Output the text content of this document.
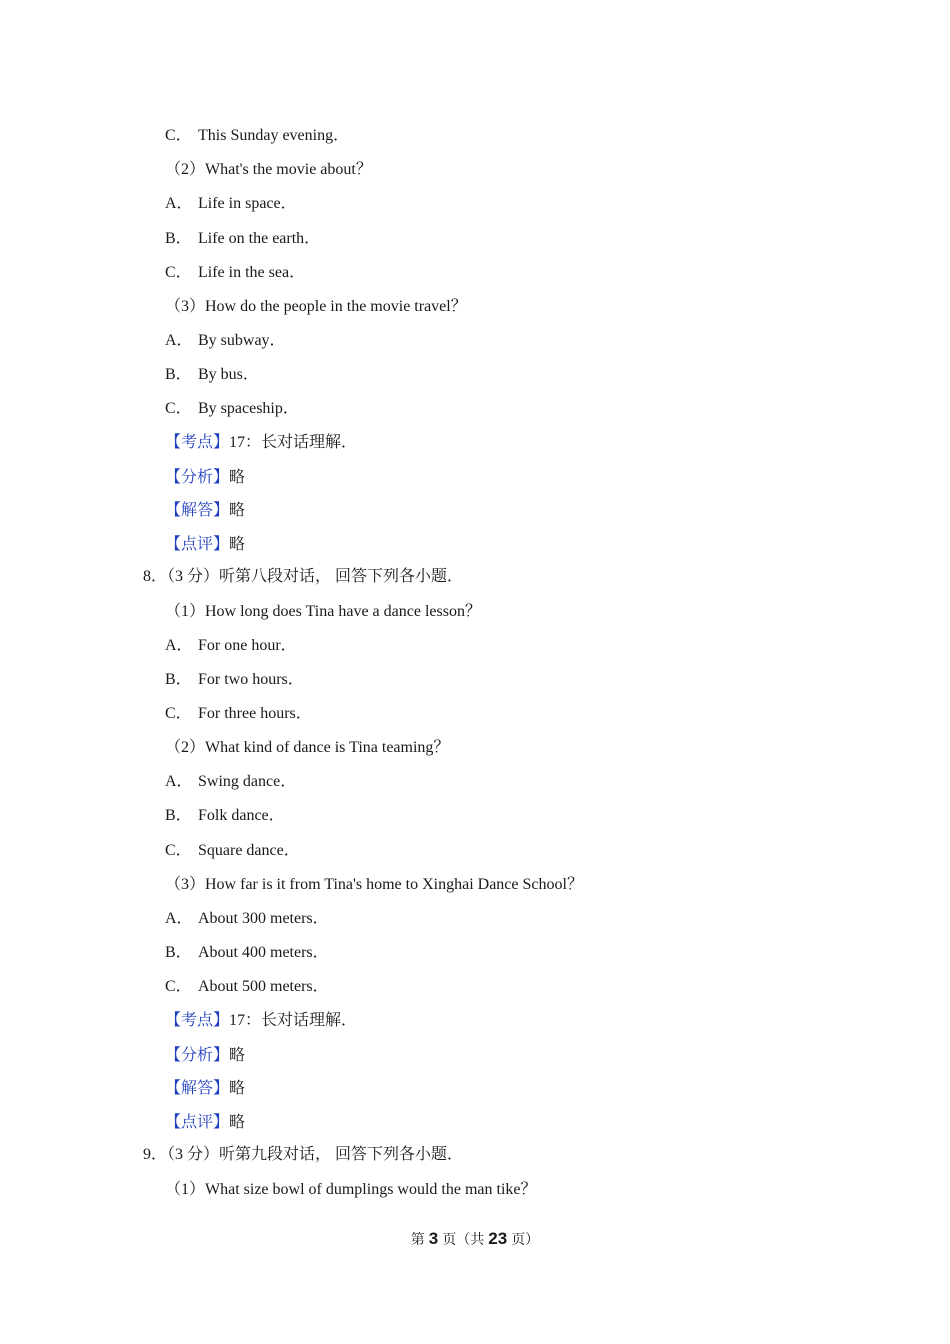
C． This Sunday evening．
（2）What's the movie about？
A． Life in space．
B． Life on the earth．
C． Life in the sea．
（3）How do the people in the movie travel？
A． By subway．
B． By bus．
C． By spaceship．
【考点】17：长对话理解．
【分析】略
【解答】略
【点评】略
8．（3 分）听第八段对话， 回答下列各小题．
（1）How long does Tina have a dance lesson？
A． For one hour．
B． For two hours．
C． For three hours．
（2）What kind of dance is Tina teaming？
A． Swing dance．
B． Folk dance．
C． Square dance．
（3）How far is it from Tina's home to Xinghai Dance School？
A． About 300 meters．
B． About 400 meters．
C． About 500 meters．
【考点】17：长对话理解．
【分析】略
【解答】略
【点评】略
9．（3 分）听第九段对话， 回答下列各小题．
（1）What size bowl of dumplings would the man tike？
第 3 页（共 23 页）
